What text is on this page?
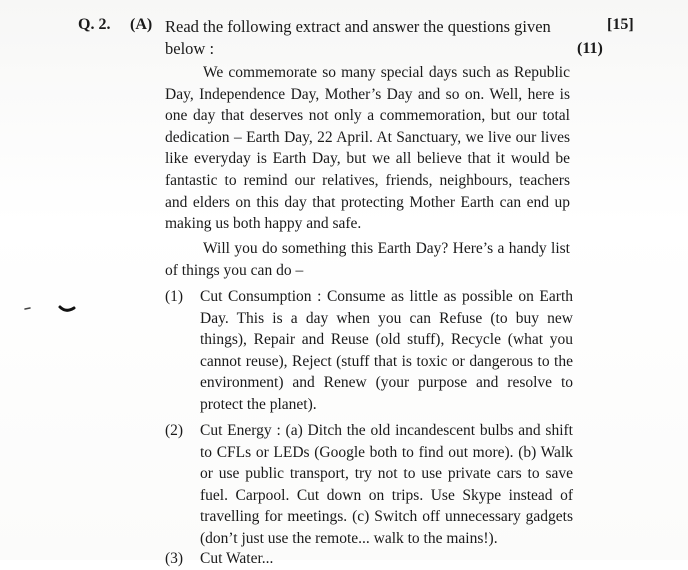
Q. 2. (A) Read the following extract and answer the questions given below :
[15]
(11)
We commemorate so many special days such as Republic Day, Independence Day, Mother’s Day and so on. Well, here is one day that deserves not only a commemoration, but our total dedication – Earth Day, 22 April. At Sanctuary, we live our lives like everyday is Earth Day, but we all believe that it would be fantastic to remind our relatives, friends, neighbours, teachers and elders on this day that protecting Mother Earth can end up making us both happy and safe.
Will you do something this Earth Day? Here’s a handy list of things you can do –
(1) Cut Consumption : Consume as little as possible on Earth Day. This is a day when you can Refuse (to buy new things), Repair and Reuse (old stuff), Recycle (what you cannot reuse), Reject (stuff that is toxic or dangerous to the environment) and Renew (your purpose and resolve to protect the planet).
(2) Cut Energy : (a) Ditch the old incandescent bulbs and shift to CFLs or LEDs (Google both to find out more). (b) Walk or use public transport, try not to use private cars to save fuel. Carpool. Cut down on trips. Use Skype instead of travelling for meetings. (c) Switch off unnecessary gadgets (don’t just use the remote... walk to the mains!).
(3) Cut Water...
